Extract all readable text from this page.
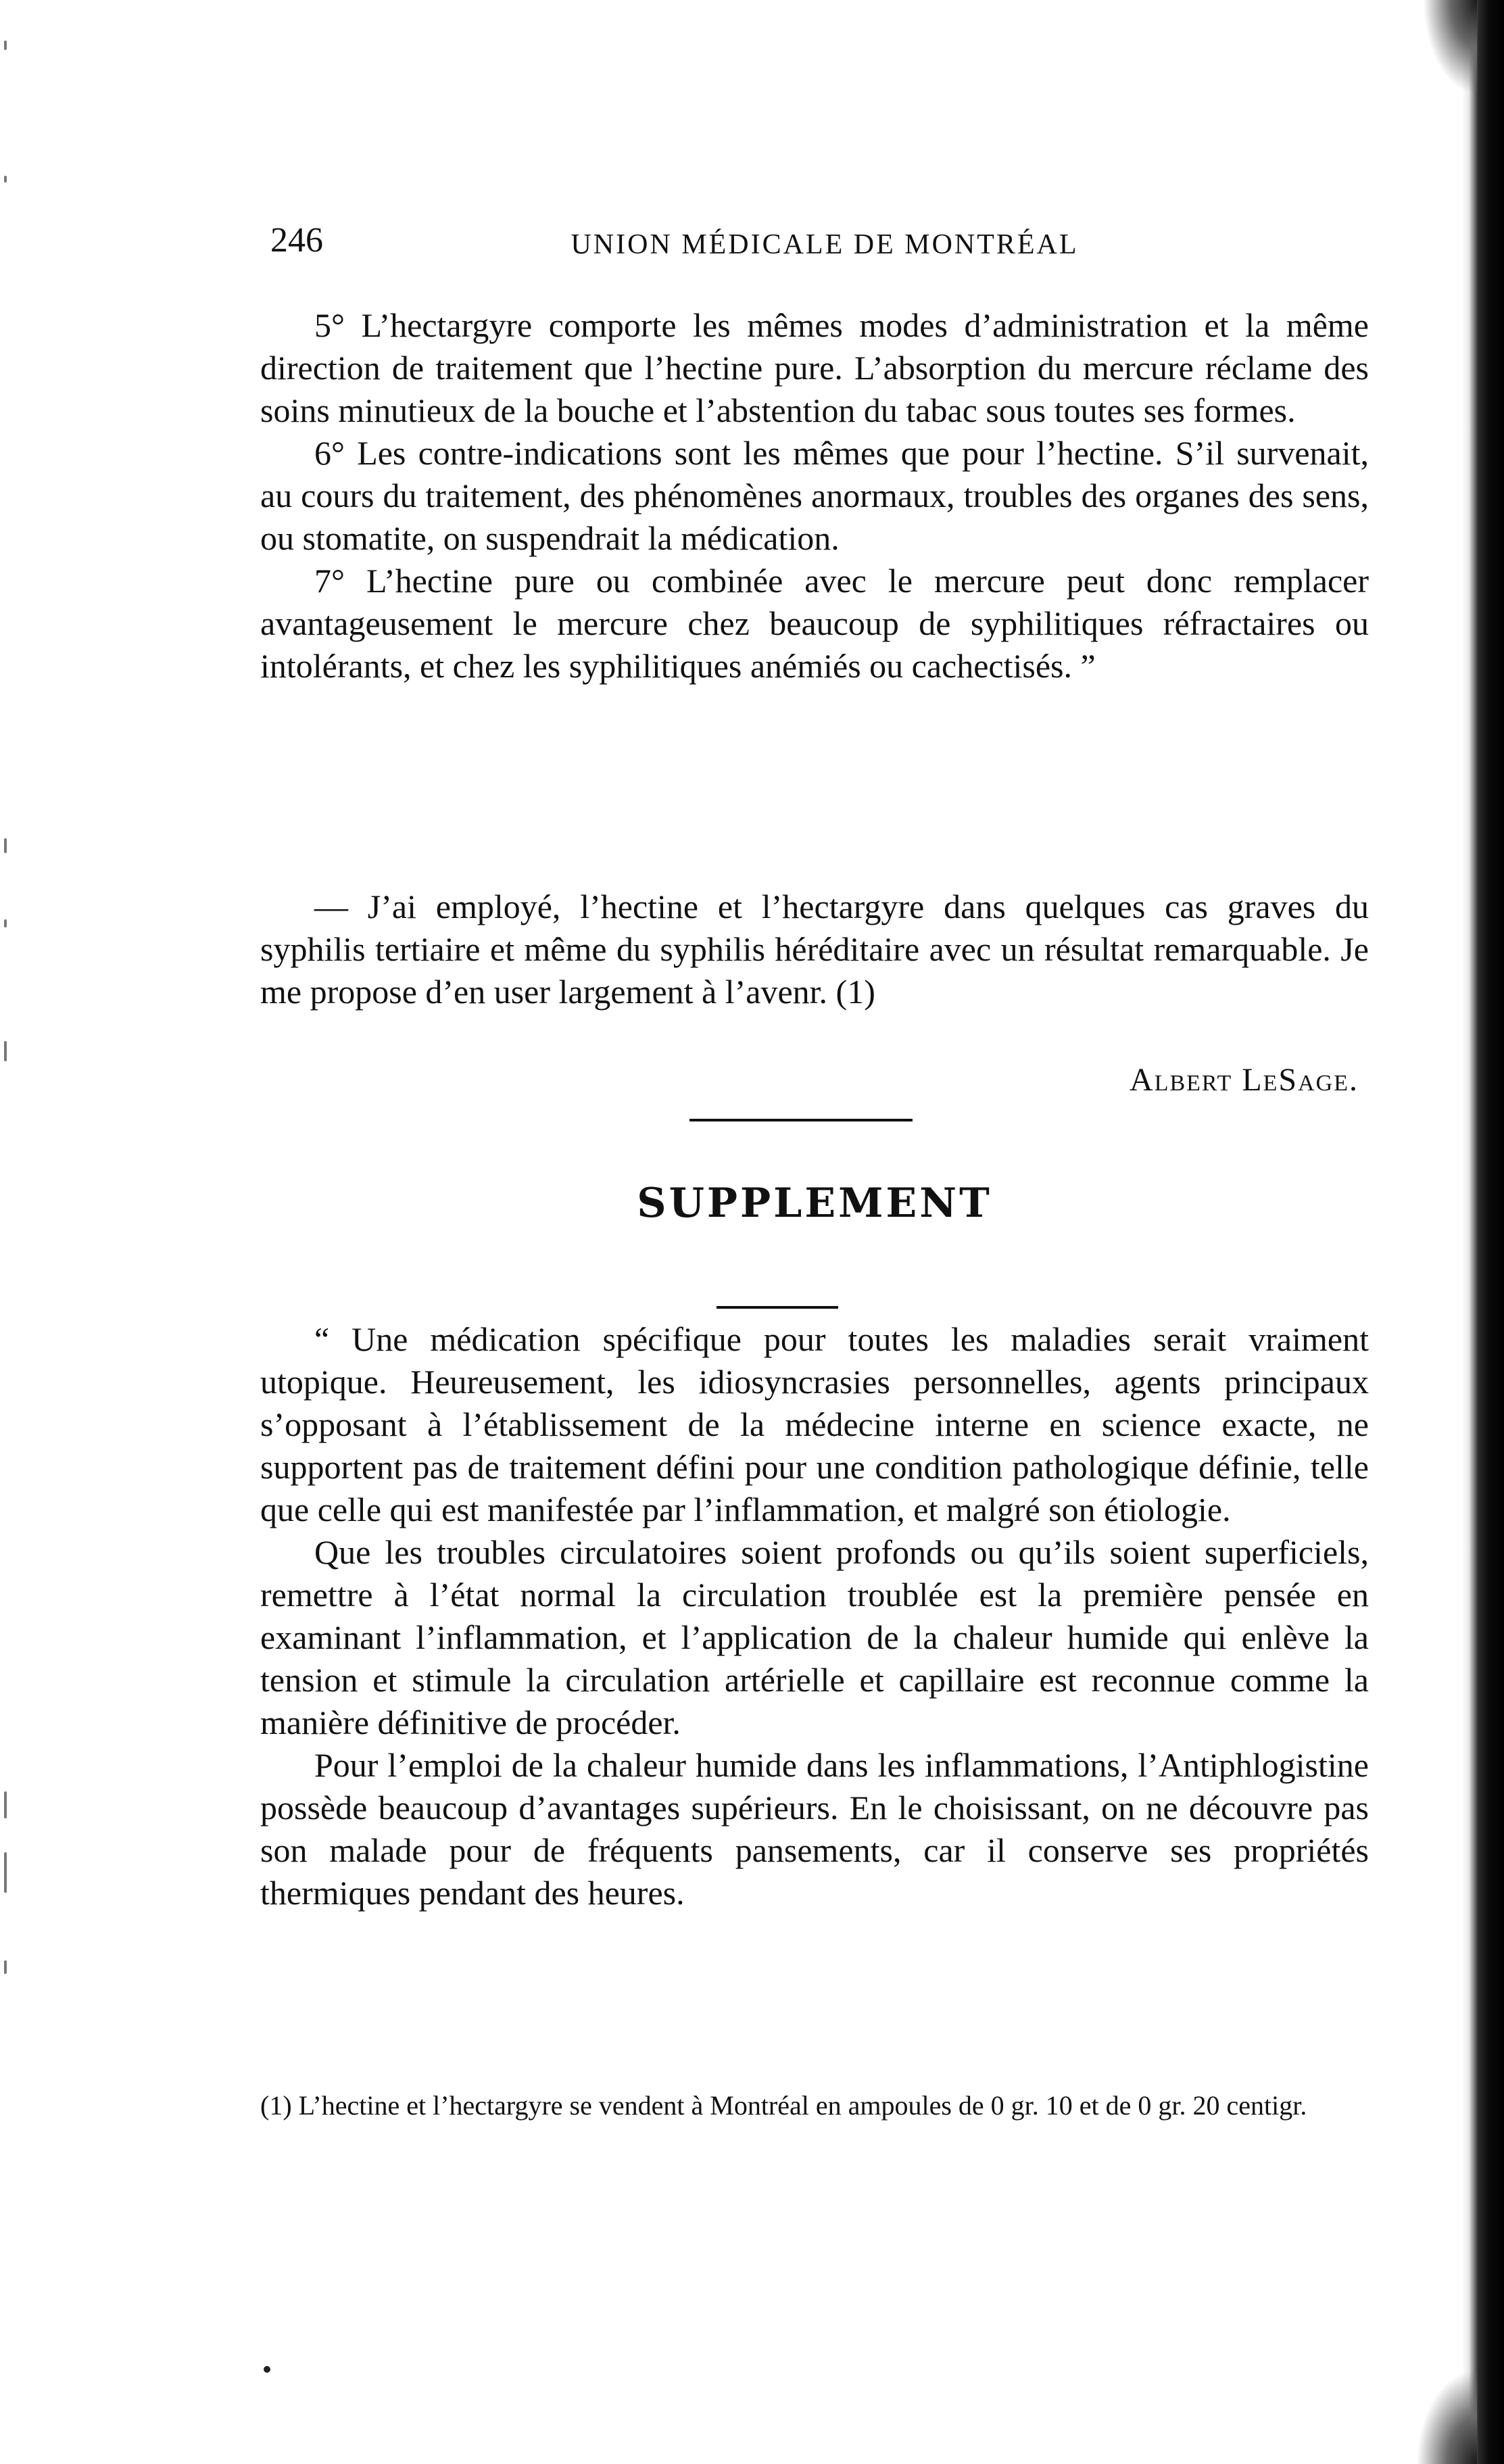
246	UNION MÉDICALE DE MONTRÉAL

5° L’hectargyre comporte les mêmes modes d’administration et la même direction de traitement que l’hectine pure. L’absorption du mercure réclame des soins minutieux de la bouche et l’abstention du tabac sous toutes ses formes.

6° Les contre-indications sont les mêmes que pour l’hectine. S’il survenait, au cours du traitement, des phénomènes anormaux, troubles des organes des sens, ou stomatite, on suspendrait la médication.

7° L’hectine pure ou combinée avec le mercure peut donc remplacer avantageusement le mercure chez beaucoup de syphilitiques réfractaires ou intolérants, et chez les syphilitiques anémiés ou cachectisés. ”

— J’ai employé, l’hectine et l’hectargyre dans quelques cas graves du syphilis tertiaire et même du syphilis héréditaire avec un résultat remarquable. Je me propose d’en user largement à l’avenr. (1)

Albert LeSage.
SUPPLEMENT

“ Une médication spécifique pour toutes les maladies serait vraiment utopique. Heureusement, les idiosyncrasies personnelles, agents principaux s’opposant à l’établissement de la médecine interne en science exacte, ne supportent pas de traitement défini pour une condition pathologique définie, telle que celle qui est manifestée par l’inflammation, et malgré son étiologie.

Que les troubles circulatoires soient profonds ou qu’ils soient superficiels, remettre à l’état normal la circulation troublée est la première pensée en examinant l’inflammation, et l’application de la chaleur humide qui enlève la tension et stimule la circulation artérielle et capillaire est reconnue comme la manière définitive de procéder.

Pour l’emploi de la chaleur humide dans les inflammations, l’Antiphlogistine possède beaucoup d’avantages supérieurs. En le choisissant, on ne découvre pas son malade pour de fréquents pansements, car il conserve ses propriétés thermiques pendant des heures.

(1) L’hectine et l’hectargyre se vendent à Montréal en ampoules de 0 gr. 10 et de 0 gr. 20 centigr.
